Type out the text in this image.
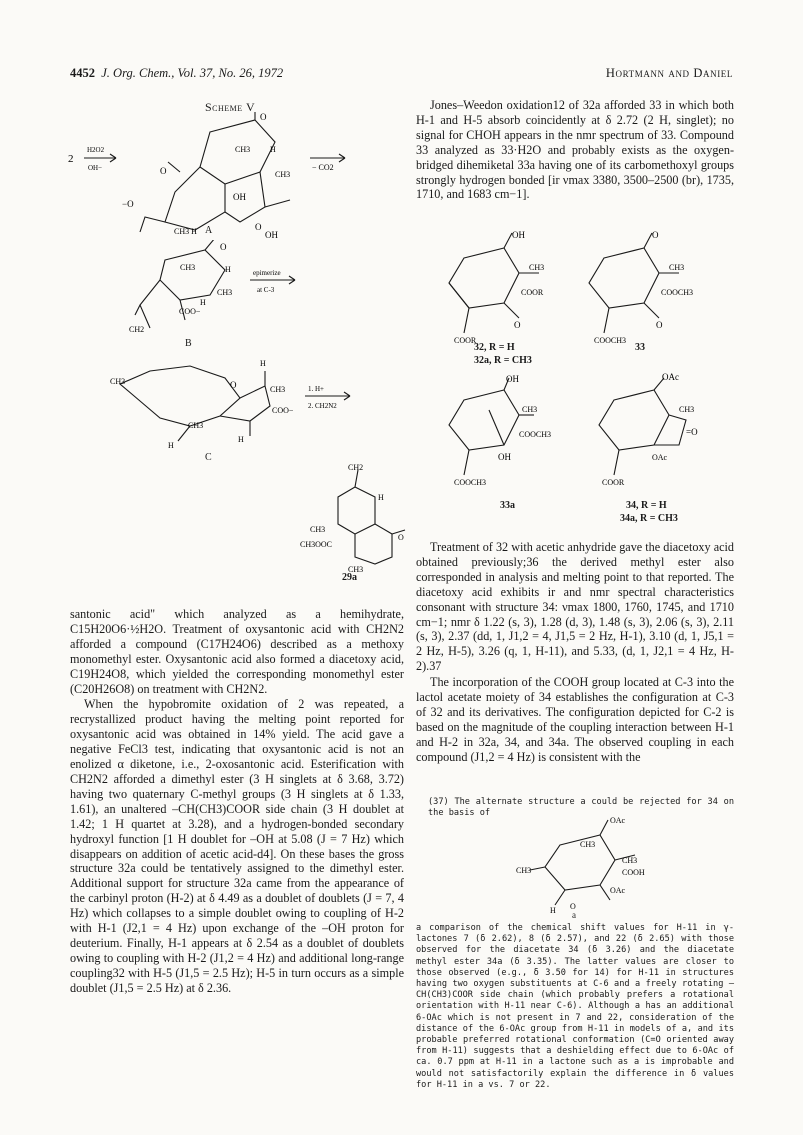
4452 J. Org. Chem., Vol. 37, No. 26, 1972	Hortmann and Daniel
Scheme V
2
H2O2
OH−
O
CH3 H
CH3
OH
O
−O
CH3 H	O
OH
− CO2
A
O
CH3	H
CH3
H
COO−
CH2
epimerize
at C-3
B
CH3
H
O	CH3
COO−
CH3
H
H
1. H+
2. CH2N2
C
CH2
H
CH3
CH3OOC
CH3
O
29a

santonic acid" which analyzed as a hemihydrate, C15H20O6·½H2O. Treatment of oxysantonic acid with CH2N2 afforded a compound (C17H24O6) described as a methoxy monomethyl ester. Oxysantonic acid also formed a diacetoxy acid, C19H24O8, which yielded the corresponding monomethyl ester (C20H26O8) on treatment with CH2N2.

When the hypobromite oxidation of 2 was repeated, a recrystallized product having the melting point reported for oxysantonic acid was obtained in 14% yield. The acid gave a negative FeCl3 test, indicating that oxysantonic acid is not an enolized α diketone, i.e., 2-oxosantonic acid. Esterification with CH2N2 afforded a dimethyl ester (3 H singlets at δ 3.68, 3.72) having two quaternary C-methyl groups (3 H singlets at δ 1.33, 1.61), an unaltered –CH(CH3)COOR side chain (3 H doublet at 1.42; 1 H quartet at 3.28), and a hydrogen-bonded secondary hydroxyl function [1 H doublet for –OH at 5.08 (J = 7 Hz) which disappears on addition of acetic acid-d4]. On these bases the gross structure 32a could be tentatively assigned to the dimethyl ester. Additional support for structure 32a came from the appearance of the carbinyl proton (H-2) at δ 4.49 as a doublet of doublets (J = 7, 4 Hz) which collapses to a simple doublet owing to coupling of H-2 with H-1 (J2,1 = 4 Hz) upon exchange of the –OH proton for deuterium. Finally, H-1 appears at δ 2.54 as a doublet of doublets owing to coupling with H-2 (J1,2 = 4 Hz) and additional long-range coupling32 with H-5 (J1,5 = 2.5 Hz); H-5 in turn occurs as a simple doublet (J1,5 = 2.5 Hz) at δ 2.36.

Jones–Weedon oxidation12 of 32a afforded 33 in which both H-1 and H-5 absorb coincidently at δ 2.72 (2 H, singlet); no signal for CHOH appears in the nmr spectrum of 33. Compound 33 analyzed as 33·H2O and probably exists as the oxygen-bridged dihemiketal 33a having one of its carbomethoxyl groups strongly hydrogen bonded [ir νmax 3380, 3500–2500 (br), 1735, 1710, and 1683 cm−1].

OH
CH3
COOR
O
COOR
O
CH3
COOCH3
O
COOCH3
32, R = H
32a, R = CH3
33
OH
CH3
COOCH3
OH
COOCH3
OAc
CH3
=O
OAc
COOR
33a	34, R = H
34a, R = CH3

Treatment of 32 with acetic anhydride gave the diacetoxy acid obtained previously;36 the derived methyl ester also corresponded in analysis and melting point to that reported. The diacetoxy acid exhibits ir and nmr spectral characteristics consonant with structure 34: νmax 1800, 1760, 1745, and 1710 cm−1; nmr δ 1.22 (s, 3), 1.28 (d, 3), 1.48 (s, 3), 2.06 (s, 3), 2.11 (s, 3), 2.37 (dd, 1, J1,2 = 4, J1,5 = 2 Hz, H-1), 3.10 (d, 1, J5,1 = 2 Hz, H-5), 3.26 (q, 1, H-11), and 5.33, (d, 1, J2,1 = 4 Hz, H-2).37

The incorporation of the COOH group located at C-3 into the lactol acetate moiety of 34 establishes the configuration at C-3 of 32 and its derivatives. The configuration depicted for C-2 is based on the magnitude of the coupling interaction between H-1 and H-2 in 32a, 34, and 34a. The observed coupling in each compound (J1,2 = 4 Hz) is consistent with the

(37) The alternate structure a could be rejected for 34 on the basis of
OAc
CH3
CH3
COOH
CH3
OAc
H O
a
a comparison of the chemical shift values for H-11 in γ-lactones 7 (δ 2.62), 8 (δ 2.57), and 22 (δ 2.65) with those observed for the diacetate 34 (δ 3.26) and the diacetate methyl ester 34a (δ 3.35). The latter values are closer to those observed (e.g., δ 3.50 for 14) for H-11 in structures having two oxygen substituents at C-6 and a freely rotating –CH(CH3)COOR side chain (which probably prefers a rotational orientation with H-11 near C-6). Although a has an additional 6-OAc which is not present in 7 and 22, consideration of the distance of the 6-OAc group from H-11 in models of a, and its probable preferred rotational conformation (C=O oriented away from H-11) suggests that a deshielding effect due to 6-OAc of ca. 0.7 ppm at H-11 in a lactone such as a is improbable and would not satisfactorily explain the difference in δ values for H-11 in a vs. 7 or 22.
